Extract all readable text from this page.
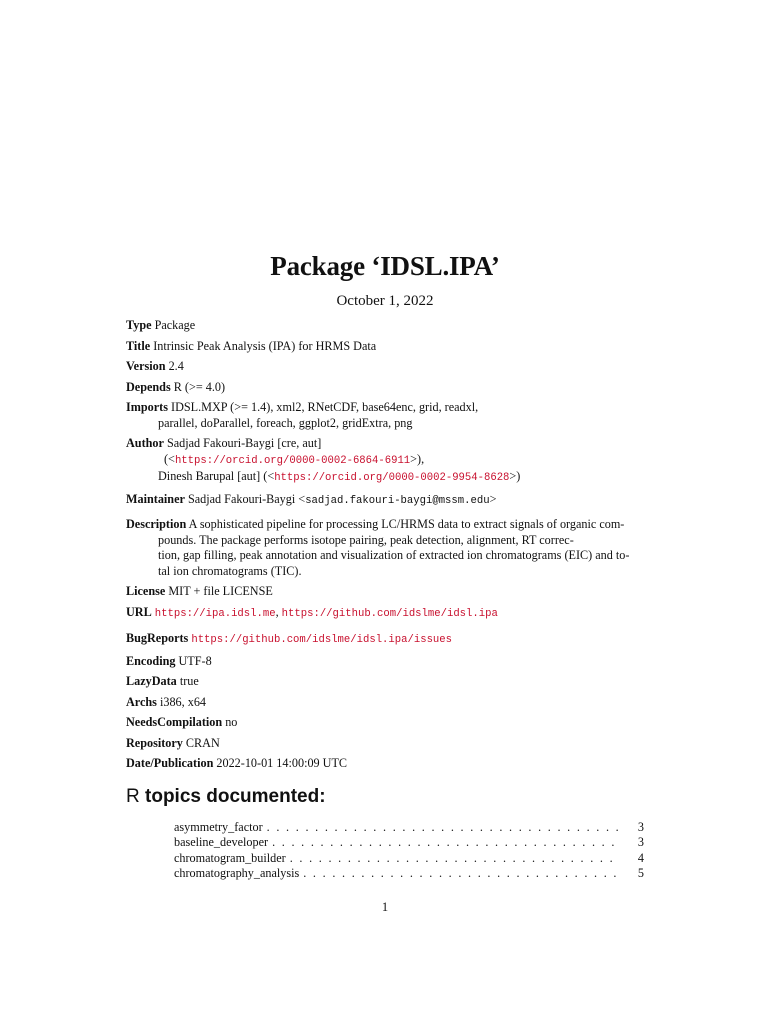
Package ‘IDSL.IPA’
October 1, 2022
Type Package
Title Intrinsic Peak Analysis (IPA) for HRMS Data
Version 2.4
Depends R (>= 4.0)
Imports IDSL.MXP (>= 1.4), xml2, RNetCDF, base64enc, grid, readxl,
parallel, doParallel, foreach, ggplot2, gridExtra, png
Author Sadjad Fakouri-Baygi [cre, aut]
(<https://orcid.org/0000-0002-6864-6911>),
Dinesh Barupal [aut] (<https://orcid.org/0000-0002-9954-8628>)
Maintainer Sadjad Fakouri-Baygi <sadjad.fakouri-baygi@mssm.edu>
Description A sophisticated pipeline for processing LC/HRMS data to extract signals of organic com-
pounds. The package performs isotope pairing, peak detection, alignment, RT correc-
tion, gap filling, peak annotation and visualization of extracted ion chromatograms (EIC) and to-
tal ion chromatograms (TIC).
License MIT + file LICENSE
URL https://ipa.idsl.me, https://github.com/idslme/idsl.ipa
BugReports https://github.com/idslme/idsl.ipa/issues
Encoding UTF-8
LazyData true
Archs i386, x64
NeedsCompilation no
Repository CRAN
Date/Publication 2022-10-01 14:00:09 UTC
R topics documented:
asymmetry_factor . . .	3
baseline_developer . . .	3
chromatogram_builder . . .	4
chromatography_analysis . . .	5
1
